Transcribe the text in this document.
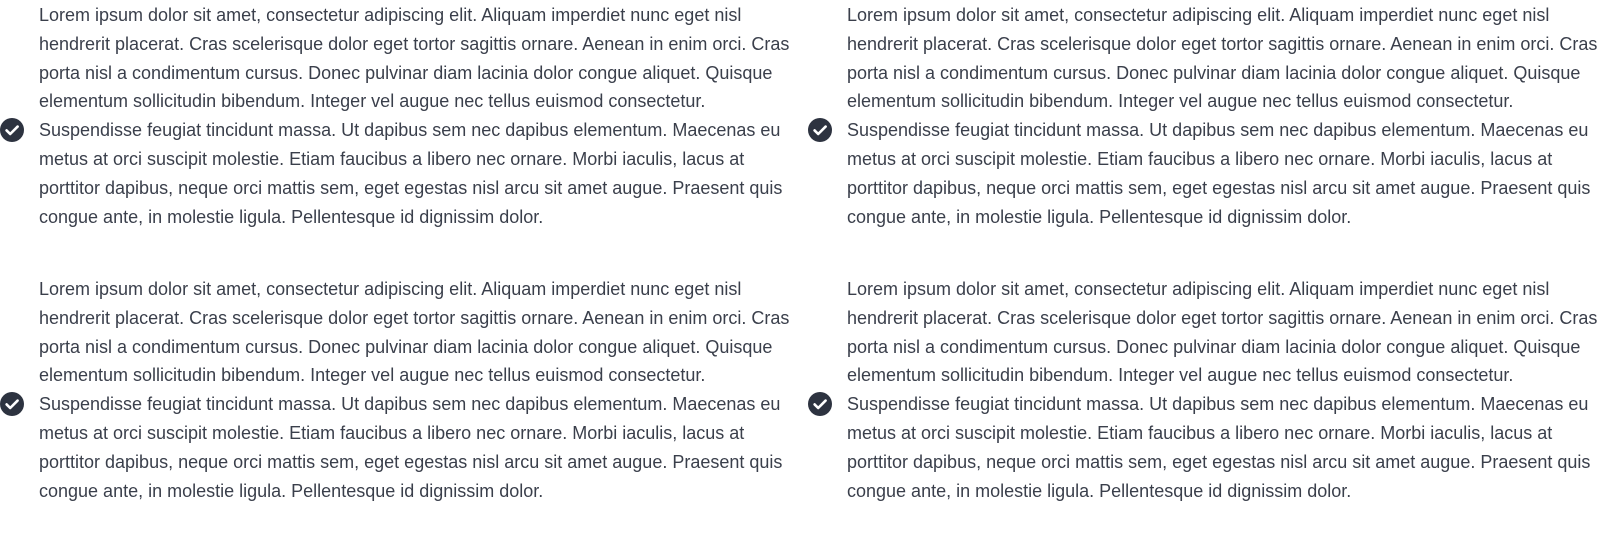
Lorem ipsum dolor sit amet, consectetur adipiscing elit. Aliquam imperdiet nunc eget nisl hendrerit placerat. Cras scelerisque dolor eget tortor sagittis ornare. Aenean in enim orci. Cras porta nisl a condimentum cursus. Donec pulvinar diam lacinia dolor congue aliquet. Quisque elementum sollicitudin bibendum. Integer vel augue nec tellus euismod consectetur. Suspendisse feugiat tincidunt massa. Ut dapibus sem nec dapibus elementum. Maecenas eu metus at orci suscipit molestie. Etiam faucibus a libero nec ornare. Morbi iaculis, lacus at porttitor dapibus, neque orci mattis sem, eget egestas nisl arcu sit amet augue. Praesent quis congue ante, in molestie ligula. Pellentesque id dignissim dolor.

Lorem ipsum dolor sit amet, consectetur adipiscing elit. Aliquam imperdiet nunc eget nisl hendrerit placerat. Cras scelerisque dolor eget tortor sagittis ornare. Aenean in enim orci. Cras porta nisl a condimentum cursus. Donec pulvinar diam lacinia dolor congue aliquet. Quisque elementum sollicitudin bibendum. Integer vel augue nec tellus euismod consectetur. Suspendisse feugiat tincidunt massa. Ut dapibus sem nec dapibus elementum. Maecenas eu metus at orci suscipit molestie. Etiam faucibus a libero nec ornare. Morbi iaculis, lacus at porttitor dapibus, neque orci mattis sem, eget egestas nisl arcu sit amet augue. Praesent quis congue ante, in molestie ligula. Pellentesque id dignissim dolor.

Lorem ipsum dolor sit amet, consectetur adipiscing elit. Aliquam imperdiet nunc eget nisl hendrerit placerat. Cras scelerisque dolor eget tortor sagittis ornare. Aenean in enim orci. Cras porta nisl a condimentum cursus. Donec pulvinar diam lacinia dolor congue aliquet. Quisque elementum sollicitudin bibendum. Integer vel augue nec tellus euismod consectetur. Suspendisse feugiat tincidunt massa. Ut dapibus sem nec dapibus elementum. Maecenas eu metus at orci suscipit molestie. Etiam faucibus a libero nec ornare. Morbi iaculis, lacus at porttitor dapibus, neque orci mattis sem, eget egestas nisl arcu sit amet augue. Praesent quis congue ante, in molestie ligula. Pellentesque id dignissim dolor.

Lorem ipsum dolor sit amet, consectetur adipiscing elit. Aliquam imperdiet nunc eget nisl hendrerit placerat. Cras scelerisque dolor eget tortor sagittis ornare. Aenean in enim orci. Cras porta nisl a condimentum cursus. Donec pulvinar diam lacinia dolor congue aliquet. Quisque elementum sollicitudin bibendum. Integer vel augue nec tellus euismod consectetur. Suspendisse feugiat tincidunt massa. Ut dapibus sem nec dapibus elementum. Maecenas eu metus at orci suscipit molestie. Etiam faucibus a libero nec ornare. Morbi iaculis, lacus at porttitor dapibus, neque orci mattis sem, eget egestas nisl arcu sit amet augue. Praesent quis congue ante, in molestie ligula. Pellentesque id dignissim dolor.
